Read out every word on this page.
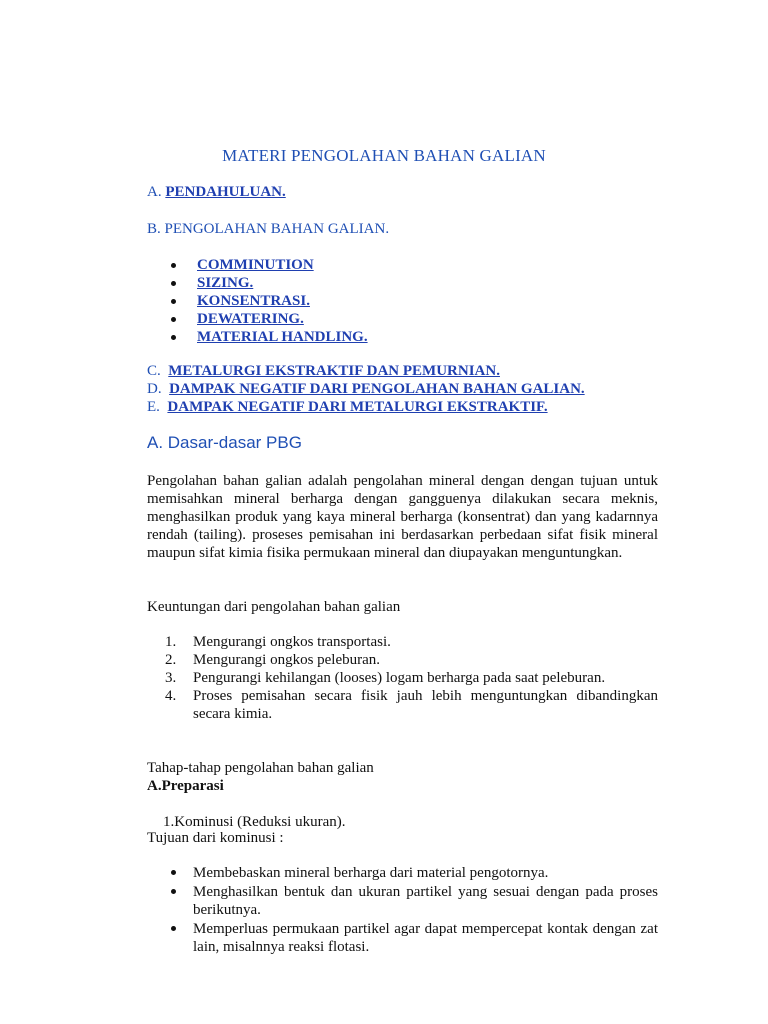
MATERI PENGOLAHAN BAHAN GALIAN
A. PENDAHULUAN.
B. PENGOLAHAN BAHAN GALIAN.
COMMINUTION
SIZING.
KONSENTRASI.
DEWATERING.
MATERIAL HANDLING.
C. METALURGI EKSTRAKTIF DAN PEMURNIAN.
D. DAMPAK NEGATIF DARI PENGOLAHAN BAHAN GALIAN.
E. DAMPAK NEGATIF DARI METALURGI EKSTRAKTIF.
A. Dasar-dasar PBG
Pengolahan bahan galian adalah pengolahan mineral dengan dengan tujuan untuk memisahkan mineral berharga dengan gangguenya dilakukan secara meknis, menghasilkan produk yang kaya mineral berharga (konsentrat) dan yang kadarnnya rendah (tailing). proseses pemisahan ini berdasarkan perbedaan sifat fisik mineral maupun sifat kimia fisika permukaan mineral dan diupayakan menguntungkan.
Keuntungan dari pengolahan bahan galian
1. Mengurangi ongkos transportasi.
2. Mengurangi ongkos peleburan.
3. Pengurangi kehilangan (looses) logam berharga pada saat peleburan.
4. Proses pemisahan secara fisik jauh lebih menguntungkan dibandingkan secara kimia.
Tahap-tahap pengolahan bahan galian
A.Preparasi
1.Kominusi (Reduksi ukuran).
Tujuan dari kominusi :
Membebaskan mineral berharga dari material pengotornya.
Menghasilkan bentuk dan ukuran partikel yang sesuai dengan pada proses berikutnya.
Memperluas permukaan partikel agar dapat mempercepat kontak dengan zat lain, misalnnya reaksi flotasi.
